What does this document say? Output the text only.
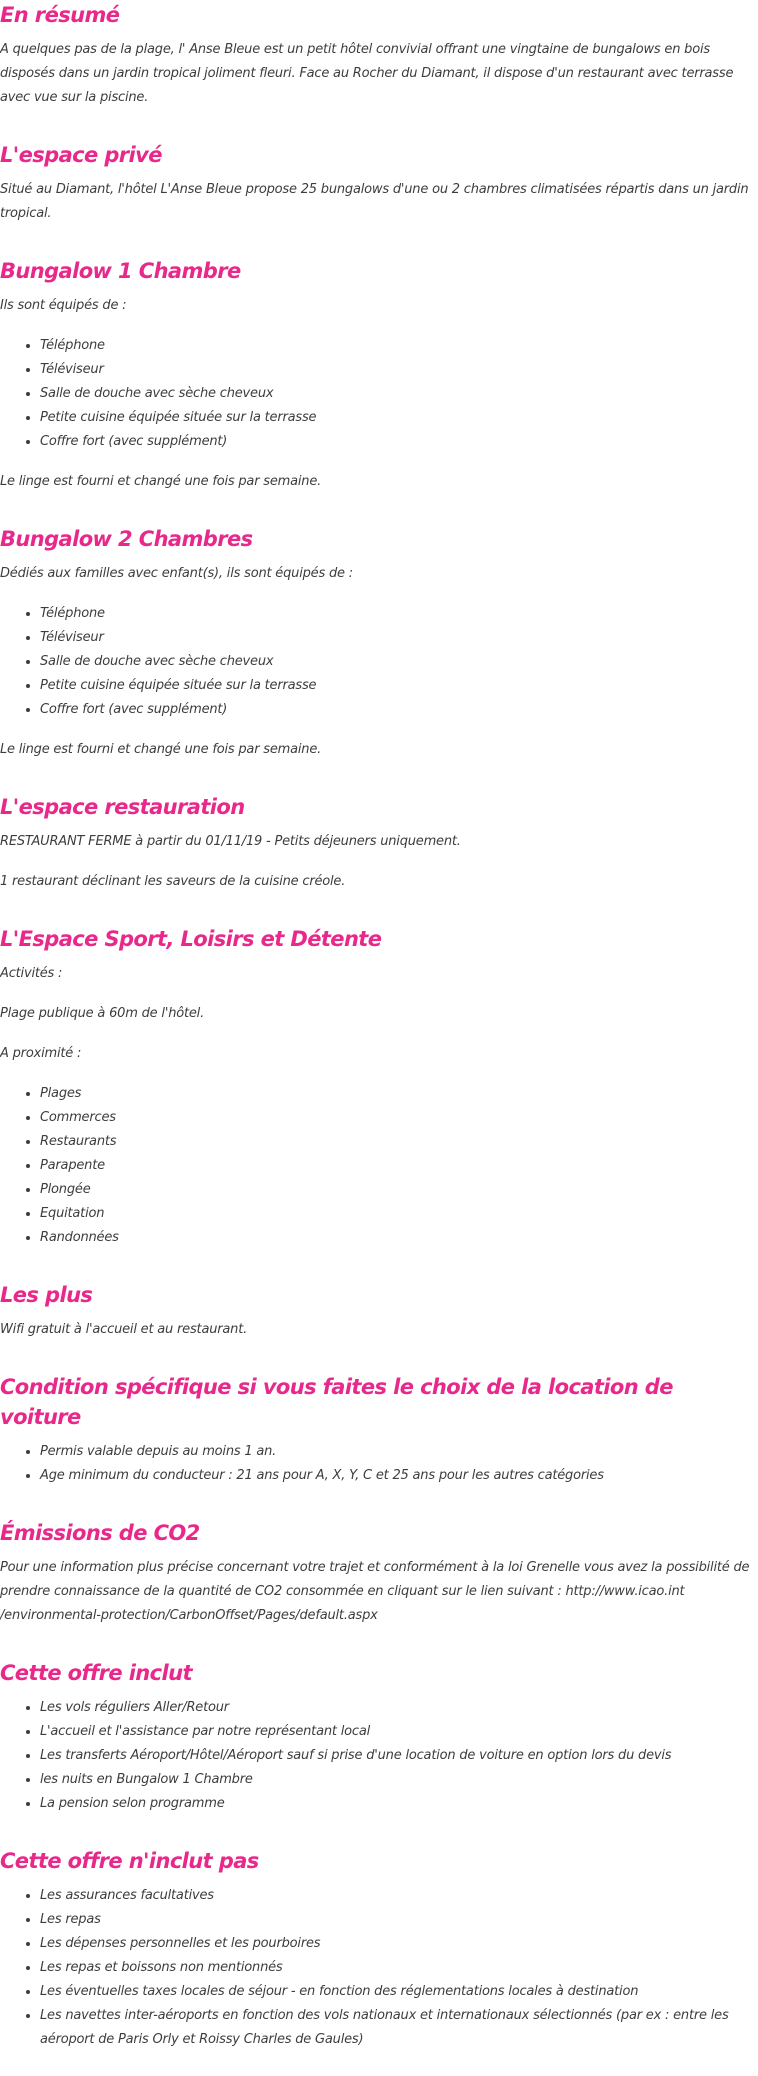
En résumé

A quelques pas de la plage, l' Anse Bleue est un petit hôtel convivial offrant une vingtaine de bungalows en bois disposés dans un jardin tropical joliment fleuri. Face au Rocher du Diamant, il dispose d'un restaurant avec terrasse avec vue sur la piscine.

L'espace privé

Situé au Diamant, l'hôtel L'Anse Bleue propose 25 bungalows d'une ou 2 chambres climatisées répartis dans un jardin tropical.

Bungalow 1 Chambre

Ils sont équipés de :

• Téléphone
• Téléviseur
• Salle de douche avec sèche cheveux
• Petite cuisine équipée située sur la terrasse
• Coffre fort (avec supplément)

Le linge est fourni et changé une fois par semaine.

Bungalow 2 Chambres

Dédiés aux familles avec enfant(s), ils sont équipés de :

• Téléphone
• Téléviseur
• Salle de douche avec sèche cheveux
• Petite cuisine équipée située sur la terrasse
• Coffre fort (avec supplément)

Le linge est fourni et changé une fois par semaine.

L'espace restauration

RESTAURANT FERME à partir du 01/11/19 - Petits déjeuners uniquement.

1 restaurant déclinant les saveurs de la cuisine créole.

L'Espace Sport, Loisirs et Détente

Activités :

Plage publique à 60m de l'hôtel.

A proximité :

• Plages
• Commerces
• Restaurants
• Parapente
• Plongée
• Equitation
• Randonnées
Les plus

Wifi gratuit à l'accueil et au restaurant.

Condition spécifique si vous faites le choix de la location de voiture
• Permis valable depuis au moins 1 an.
• Age minimum du conducteur : 21 ans pour A, X, Y, C et 25 ans pour les autres catégories
Émissions de CO2

Pour une information plus précise concernant votre trajet et conformément à la loi Grenelle vous avez la possibilité de prendre connaissance de la quantité de CO2 consommée en cliquant sur le lien suivant : http://www.icao.int
/environmental-protection/CarbonOffset/Pages/default.aspx

Cette offre inclut
• Les vols réguliers Aller/Retour
• L'accueil et l'assistance par notre représentant local
• Les transferts Aéroport/Hôtel/Aéroport sauf si prise d'une location de voiture en option lors du devis
• les nuits en Bungalow 1 Chambre
• La pension selon programme
Cette offre n'inclut pas
• Les assurances facultatives
• Les repas
• Les dépenses personnelles et les pourboires
• Les repas et boissons non mentionnés
• Les éventuelles taxes locales de séjour - en fonction des réglementations locales à destination
• Les navettes inter-aéroports en fonction des vols nationaux et internationaux sélectionnés (par ex : entre les aéroport de Paris Orly et Roissy Charles de Gaules)
